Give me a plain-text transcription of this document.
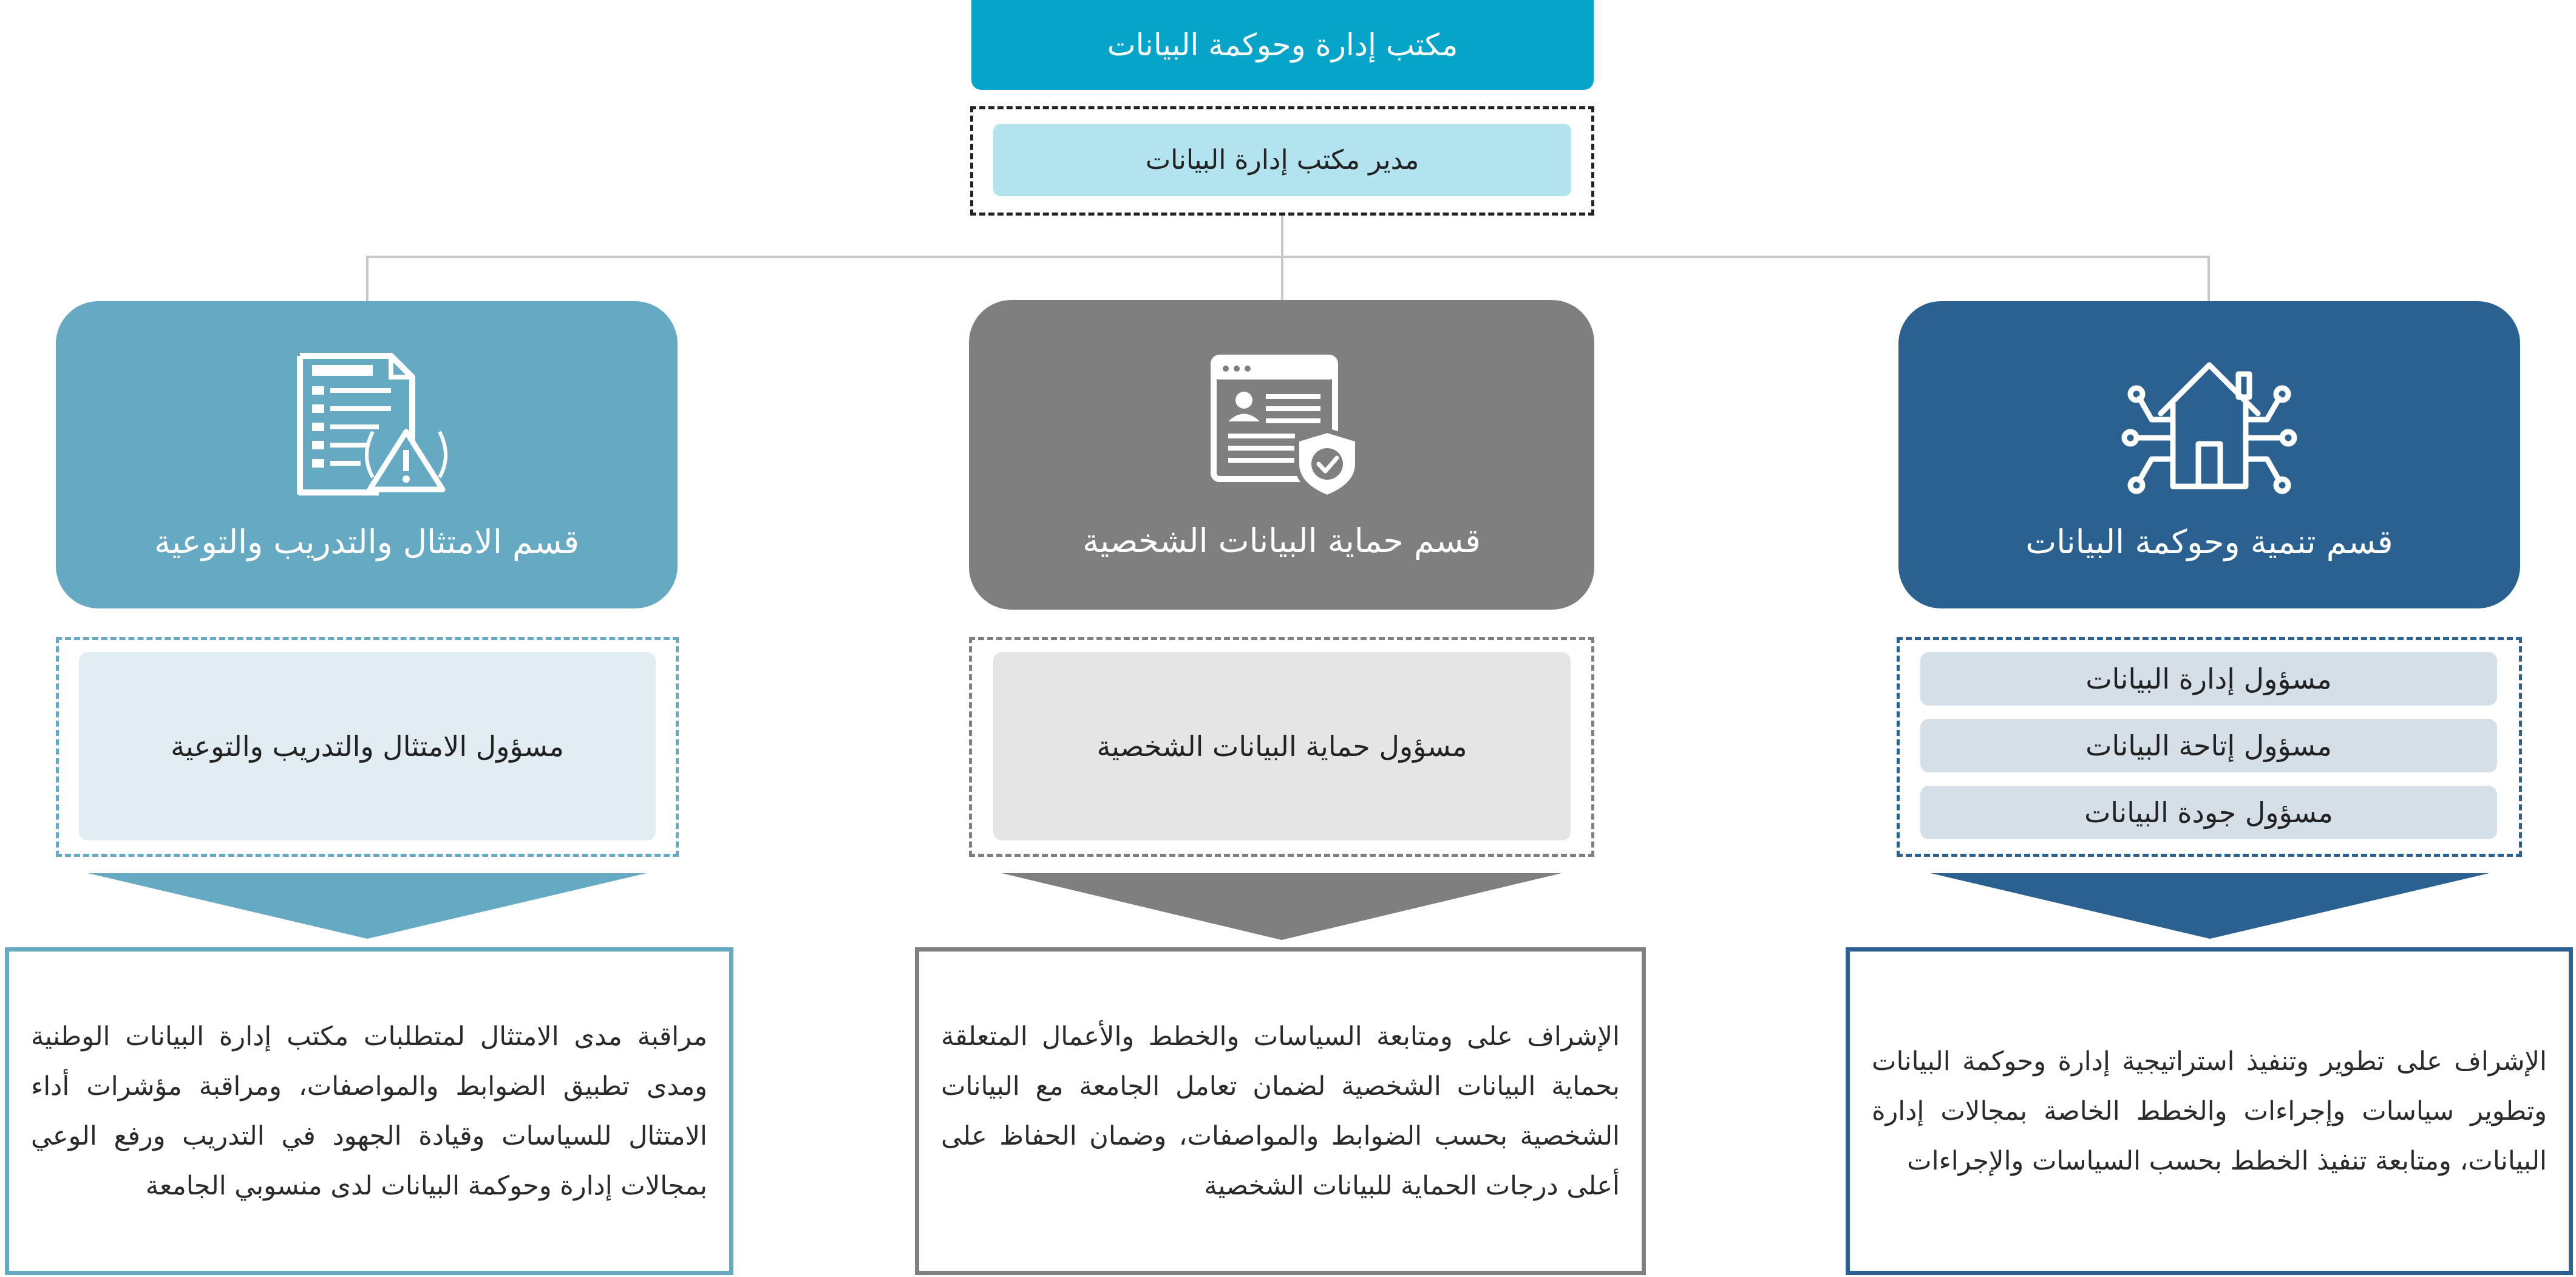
مكتب إدارة وحوكمة البيانات
مدير مكتب إدارة البيانات
قسم تنمية وحوكمة البيانات
مسؤول إدارة البيانات
مسؤول إتاحة البيانات
مسؤول جودة البيانات

الإشراف على تطوير وتنفيذ استراتيجية إدارة وحوكمة البيانات وتطوير سياسات وإجراءات والخطط الخاصة بمجالات إدارة البيانات، ومتابعة تنفيذ الخطط بحسب السياسات والإجراءات

قسم حماية البيانات الشخصية
مسؤول حماية البيانات الشخصية

الإشراف على ومتابعة السياسات والخطط والأعمال المتعلقة بحماية البيانات الشخصية لضمان تعامل الجامعة مع البيانات الشخصية بحسب الضوابط والمواصفات، وضمان الحفاظ على أعلى درجات الحماية للبيانات الشخصية

قسم الامتثال والتدريب والتوعية
مسؤول الامتثال والتدريب والتوعية

مراقبة مدى الامتثال لمتطلبات مكتب إدارة البيانات الوطنية ومدى تطبيق الضوابط والمواصفات، ومراقبة مؤشرات أداء الامتثال للسياسات وقيادة الجهود في التدريب ورفع الوعي بمجالات إدارة وحوكمة البيانات لدى منسوبي الجامعة
